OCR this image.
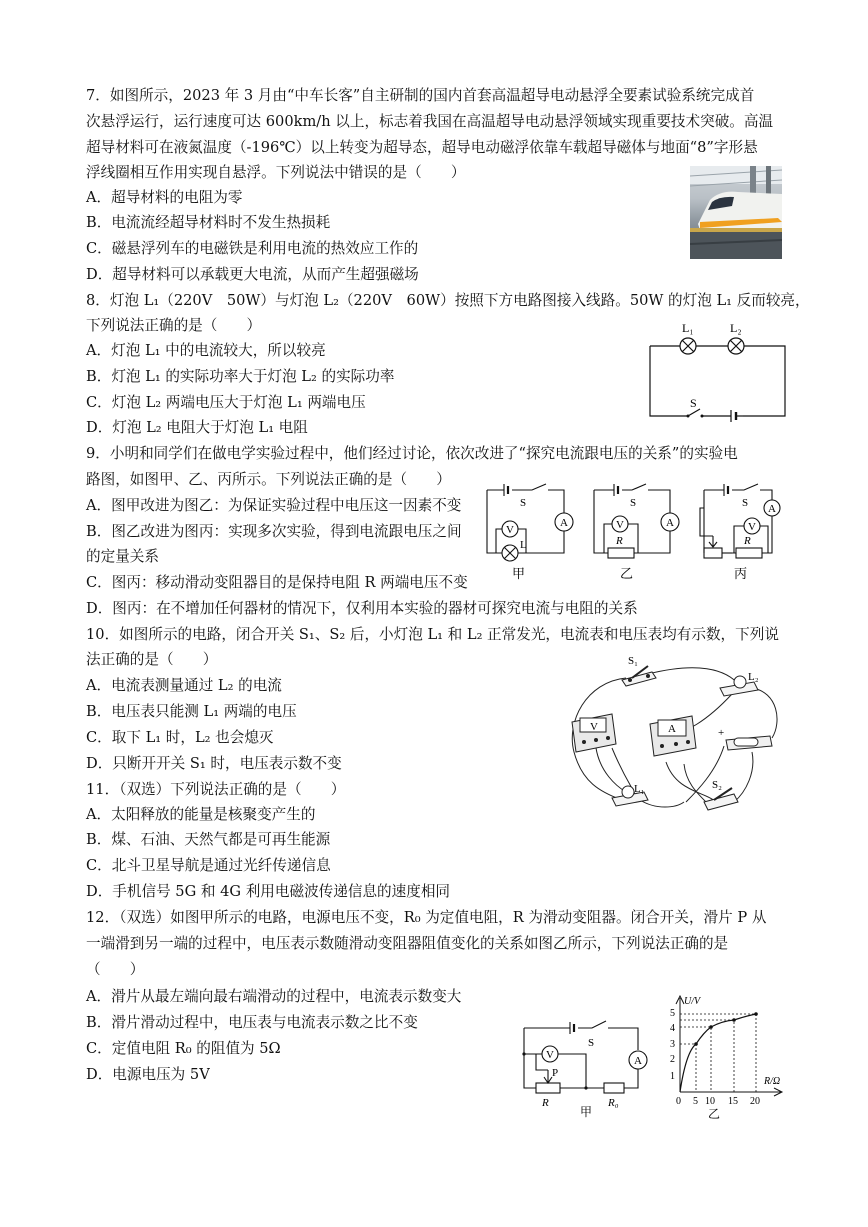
7．如图所示，2023 年 3 月由“中车长客”自主研制的国内首套高温超导电动悬浮全要素试验系统完成首
次悬浮运行，运行速度可达 600km/h 以上，标志着我国在高温超导电动悬浮领域实现重要技术突破。高温
超导材料可在液氮温度（-196℃）以上转变为超导态，超导电动磁浮依靠车载超导磁体与地面“8”字形悬
浮线圈相互作用实现自悬浮。下列说法中错误的是（　　）
A．超导材料的电阻为零
B．电流流经超导材料时不发生热损耗
C．磁悬浮列车的电磁铁是利用电流的热效应工作的
D．超导材料可以承载更大电流，从而产生超强磁场
8．灯泡 L₁（220V　50W）与灯泡 L₂（220V　60W）按照下方电路图接入线路。50W 的灯泡 L₁ 反而较亮，
下列说法正确的是（　　）
A．灯泡 L₁ 中的电流较大，所以较亮
B．灯泡 L₁ 的实际功率大于灯泡 L₂ 的实际功率
C．灯泡 L₂ 两端电压大于灯泡 L₁ 两端电压
D．灯泡 L₂ 电阻大于灯泡 L₁ 电阻
L₁	L₂
S
9．小明和同学们在做电学实验过程中，他们经过讨论，依次改进了“探究电流跟电压的关系”的实验电
路图，如图甲、乙、丙所示。下列说法正确的是（　　）
A．图甲改进为图乙：为保证实验过程中电压这一因素不变
B．图乙改进为图丙：实现多次实验，得到电流跟电压之间
的定量关系
C．图丙：移动滑动变阻器目的是保持电阻 R 两端电压不变
D．图丙：在不增加任何器材的情况下，仅利用本实验的器材可探究电流与电阻的关系
S
A
V
L
S
A
V
R
S A
V
R
甲	乙	丙
10．如图所示的电路，闭合开关 S₁、S₂ 后，小灯泡 L₁ 和 L₂ 正常发光，电流表和电压表均有示数，下列说
法正确的是（　　）
A．电流表测量通过 L₂ 的电流
B．电压表只能测 L₁ 两端的电压
C．取下 L₁ 时，L₂ 也会熄灭
D．只断开开关 S₁ 时，电压表示数不变
S₁
L₂
V	A	+
L₁	S₂
11．（双选）下列说法正确的是（　　）
A．太阳释放的能量是核聚变产生的
B．煤、石油、天然气都是可再生能源
C．北斗卫星导航是通过光纤传递信息
D．手机信号 5G 和 4G 利用电磁波传递信息的速度相同
12．（双选）如图甲所示的电路，电源电压不变，R₀ 为定值电阻，R 为滑动变阻器。闭合开关，滑片 P 从
一端滑到另一端的过程中，电压表示数随滑动变阻器阻值变化的关系如图乙所示，下列说法正确的是
（　　）
A．滑片从最左端向最右端滑动的过程中，电流表示数变大
B．滑片滑动过程中，电压表与电流表示数之比不变
C．定值电阻 R₀ 的阻值为 5Ω
D．电源电压为 5V
S
A
V
P
R	R₀
甲
U/V
R/Ω
1
2
3
4
5
0 5 10 15 20
乙
